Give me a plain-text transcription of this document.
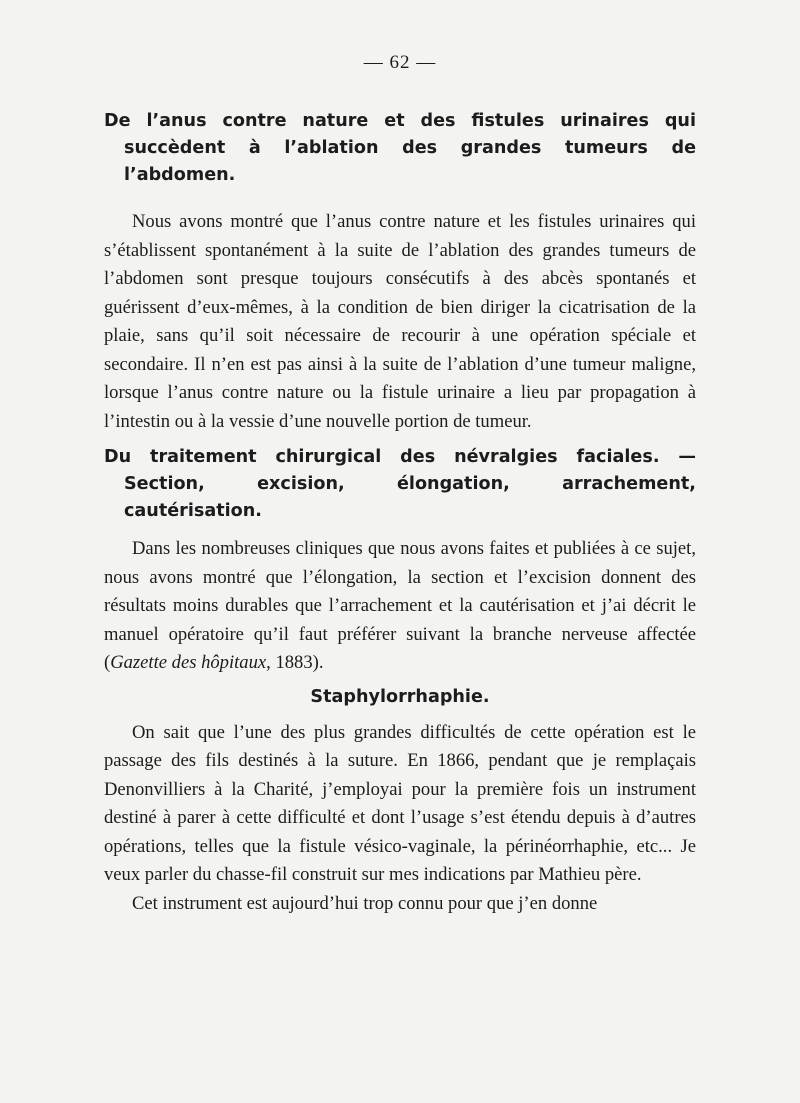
— 62 —
De l’anus contre nature et des fistules urinaires qui succèdent à l’ablation des grandes tumeurs de l’abdomen.

Nous avons montré que l’anus contre nature et les fistules urinaires qui s’établissent spontanément à la suite de l’ablation des grandes tumeurs de l’abdomen sont presque toujours consécutifs à des abcès spontanés et guérissent d’eux-mêmes, à la condition de bien diriger la cicatrisation de la plaie, sans qu’il soit nécessaire de recourir à une opération spéciale et secondaire. Il n’en est pas ainsi à la suite de l’ablation d’une tumeur maligne, lorsque l’anus contre nature ou la fistule urinaire a lieu par propagation à l’intestin ou à la vessie d’une nouvelle portion de tumeur.

Du traitement chirurgical des névralgies faciales. — Section, excision, élongation, arrachement, cautérisation.

Dans les nombreuses cliniques que nous avons faites et publiées à ce sujet, nous avons montré que l’élongation, la section et l’excision donnent des résultats moins durables que l’arrachement et la cautérisation et j’ai décrit le manuel opératoire qu’il faut préférer suivant la branche nerveuse affectée (Gazette des hôpitaux, 1883).

Staphylorrhaphie.

On sait que l’une des plus grandes difficultés de cette opération est le passage des fils destinés à la suture. En 1866, pendant que je remplaçais Denonvilliers à la Charité, j’employai pour la première fois un instrument destiné à parer à cette difficulté et dont l’usage s’est étendu depuis à d’autres opérations, telles que la fistule vésico-vaginale, la périnéorrhaphie, etc... Je veux parler du chasse-fil construit sur mes indications par Mathieu père.

Cet instrument est aujourd’hui trop connu pour que j’en donne
